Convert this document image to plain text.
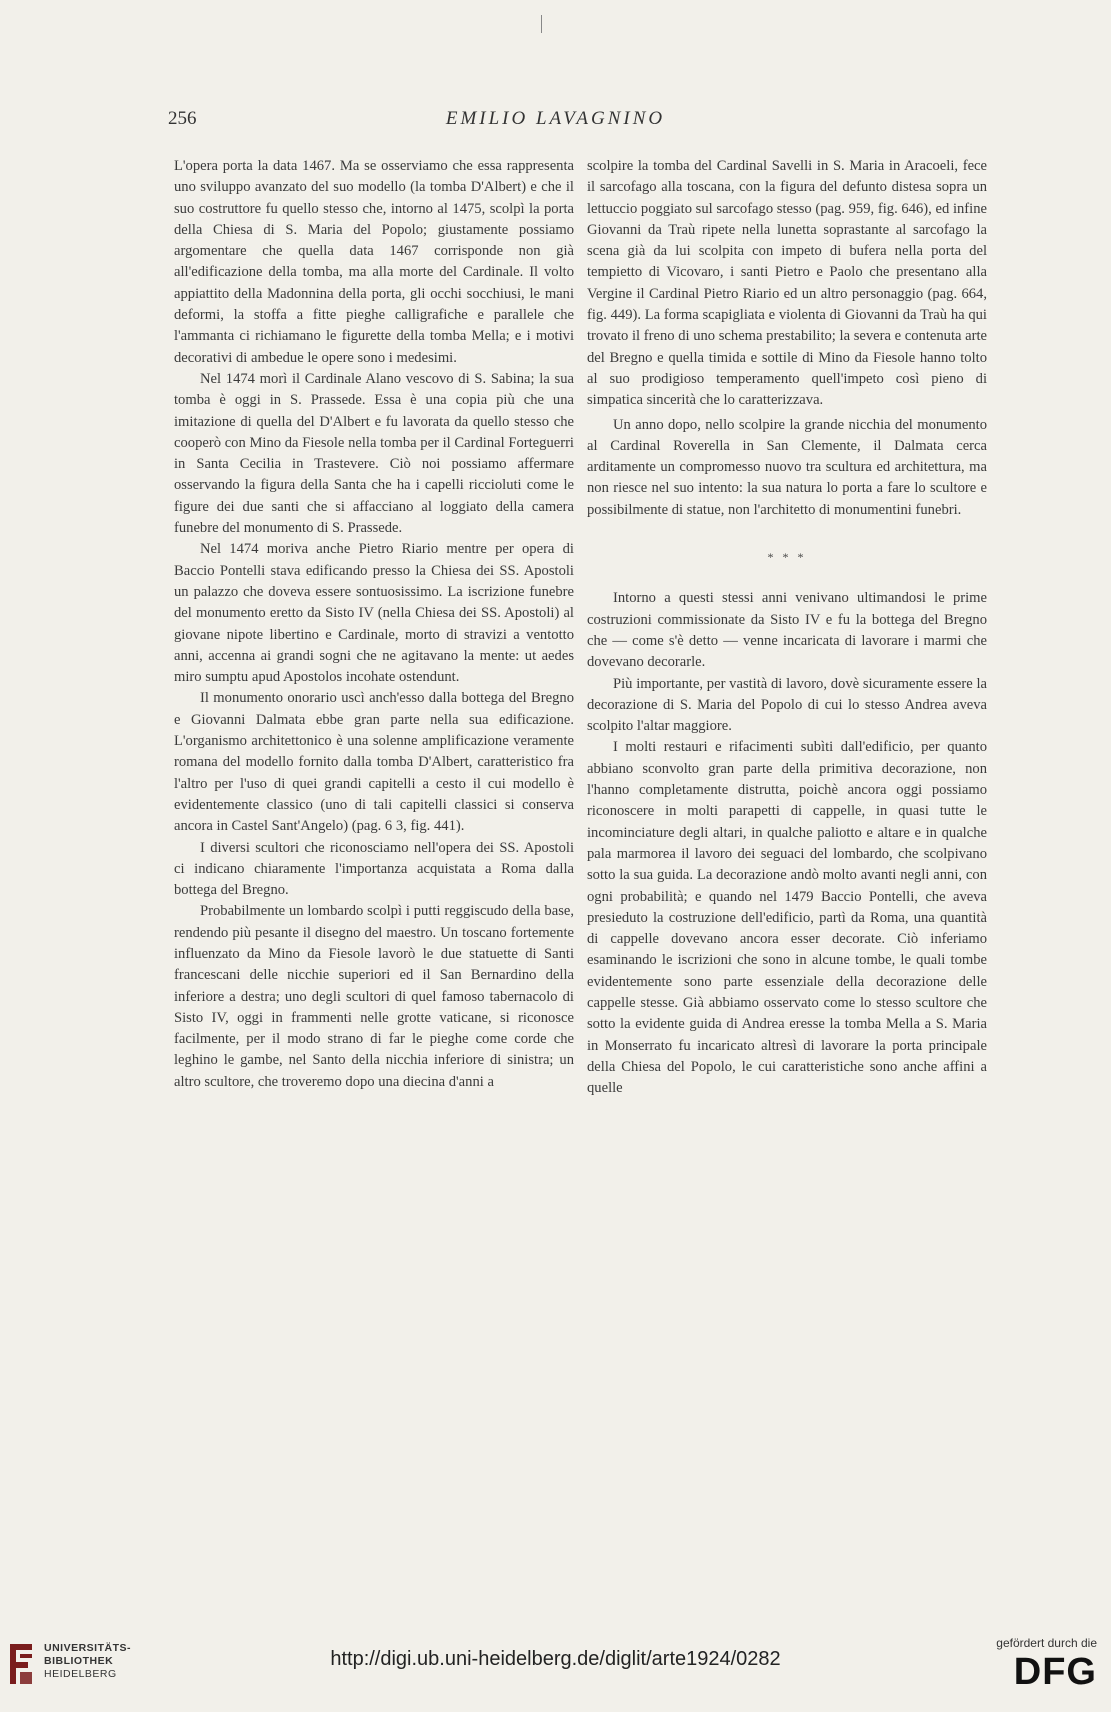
256	EMILIO LAVAGNINO

L'opera porta la data 1467. Ma se osserviamo che essa rappresenta uno sviluppo avanzato del suo modello (la tomba D'Albert) e che il suo costruttore fu quello stesso che, intorno al 1475, scolpì la porta della Chiesa di S. Maria del Popolo; giustamente possiamo argomentare che quella data 1467 corrisponde non già all'edificazione della tomba, ma alla morte del Cardinale. Il volto appiattito della Madonnina della porta, gli occhi socchiusi, le mani deformi, la stoffa a fitte pieghe calligrafiche e parallele che l'ammanta ci richiamano le figurette della tomba Mella; e i motivi decorativi di ambedue le opere sono i medesimi.

Nel 1474 morì il Cardinale Alano vescovo di S. Sabina; la sua tomba è oggi in S. Prassede. Essa è una copia più che una imitazione di quella del D'Albert e fu lavorata da quello stesso che cooperò con Mino da Fiesole nella tomba per il Cardinal Forteguerri in Santa Cecilia in Trastevere. Ciò noi possiamo affermare osservando la figura della Santa che ha i capelli riccioluti come le figure dei due santi che si affacciano al loggiato della camera funebre del monumento di S. Prassede.

Nel 1474 moriva anche Pietro Riario mentre per opera di Baccio Pontelli stava edificando presso la Chiesa dei SS. Apostoli un palazzo che doveva essere sontuosissimo. La iscrizione funebre del monumento eretto da Sisto IV (nella Chiesa dei SS. Apostoli) al giovane nipote libertino e Cardinale, morto di stravizi a ventotto anni, accenna ai grandi sogni che ne agitavano la mente: ut aedes miro sumptu apud Apostolos incohate ostendunt.

Il monumento onorario uscì anch'esso dalla bottega del Bregno e Giovanni Dalmata ebbe gran parte nella sua edificazione. L'organismo architettonico è una solenne amplificazione veramente romana del modello fornito dalla tomba D'Albert, caratteristico fra l'altro per l'uso di quei grandi capitelli a cesto il cui modello è evidentemente classico (uno di tali capitelli classici si conserva ancora in Castel Sant'Angelo) (pag. 6 3, fig. 441).

I diversi scultori che riconosciamo nell'opera dei SS. Apostoli ci indicano chiaramente l'importanza acquistata a Roma dalla bottega del Bregno.

Probabilmente un lombardo scolpì i putti reggiscudo della base, rendendo più pesante il disegno del maestro. Un toscano fortemente influenzato da Mino da Fiesole lavorò le due statuette di Santi francescani delle nicchie superiori ed il San Bernardino della inferiore a destra; uno degli scultori di quel famoso tabernacolo di Sisto IV, oggi in frammenti nelle grotte vaticane, si riconosce facilmente, per il modo strano di far le pieghe come corde che leghino le gambe, nel Santo della nicchia inferiore di sinistra; un altro scultore, che troveremo dopo una diecina d'anni a

scolpire la tomba del Cardinal Savelli in S. Maria in Aracoeli, fece il sarcofago alla toscana, con la figura del defunto distesa sopra un lettuccio poggiato sul sarcofago stesso (pag. 959, fig. 646), ed infine Giovanni da Traù ripete nella lunetta soprastante al sarcofago la scena già da lui scolpita con impeto di bufera nella porta del tempietto di Vicovaro, i santi Pietro e Paolo che presentano alla Vergine il Cardinal Pietro Riario ed un altro personaggio (pag. 664, fig. 449). La forma scapigliata e violenta di Giovanni da Traù ha qui trovato il freno di uno schema prestabilito; la severa e contenuta arte del Bregno e quella timida e sottile di Mino da Fiesole hanno tolto al suo prodigioso temperamento quell'impeto così pieno di simpatica sincerità che lo caratterizzava.

Un anno dopo, nello scolpire la grande nicchia del monumento al Cardinal Roverella in San Clemente, il Dalmata cerca arditamente un compromesso nuovo tra scultura ed architettura, ma non riesce nel suo intento: la sua natura lo porta a fare lo scultore e possibilmente di statue, non l'architetto di monumentini funebri.

* * *

Intorno a questi stessi anni venivano ultimandosi le prime costruzioni commissionate da Sisto IV e fu la bottega del Bregno che — come s'è detto — venne incaricata di lavorare i marmi che dovevano decorarle.

Più importante, per vastità di lavoro, dovè sicuramente essere la decorazione di S. Maria del Popolo di cui lo stesso Andrea aveva scolpito l'altar maggiore.

I molti restauri e rifacimenti subìti dall'edificio, per quanto abbiano sconvolto gran parte della primitiva decorazione, non l'hanno completamente distrutta, poichè ancora oggi possiamo riconoscere in molti parapetti di cappelle, in quasi tutte le incominciature degli altari, in qualche paliotto e altare e in qualche pala marmorea il lavoro dei seguaci del lombardo, che scolpivano sotto la sua guida. La decorazione andò molto avanti negli anni, con ogni probabilità; e quando nel 1479 Baccio Pontelli, che aveva presieduto la costruzione dell'edificio, partì da Roma, una quantità di cappelle dovevano ancora esser decorate. Ciò inferiamo esaminando le iscrizioni che sono in alcune tombe, le quali tombe evidentemente sono parte essenziale della decorazione delle cappelle stesse. Già abbiamo osservato come lo stesso scultore che sotto la evidente guida di Andrea eresse la tomba Mella a S. Maria in Monserrato fu incaricato altresì di lavorare la porta principale della Chiesa del Popolo, le cui caratteristiche sono anche affini a quelle

UNIVERSITÄTS-
BIBLIOTHEK
HEIDELBERG
http://digi.ub.uni-heidelberg.de/diglit/arte1924/0282
gefördert durch die
DFG
